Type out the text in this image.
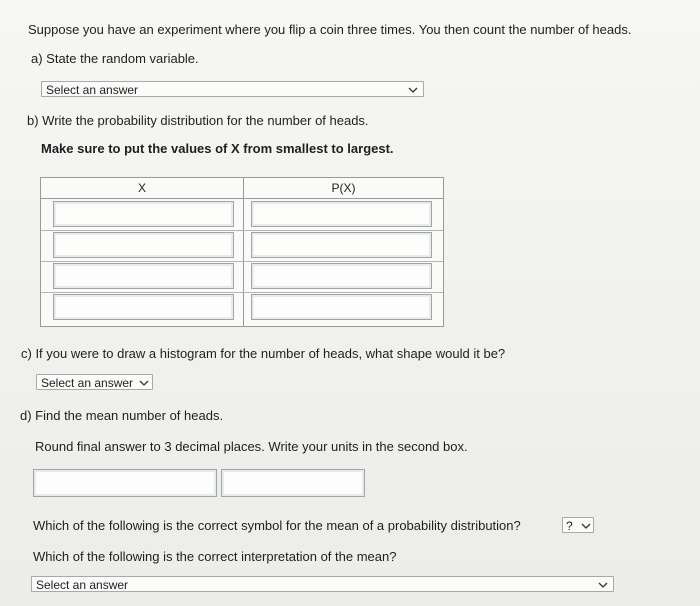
Suppose you have an experiment where you flip a coin three times. You then count the number of heads.
a) State the random variable.
Select an answer
b) Write the probability distribution for the number of heads.
Make sure to put the values of X from smallest to largest.
X	P(X)
c) If you were to draw a histogram for the number of heads, what shape would it be?
Select an answer
d) Find the mean number of heads.
Round final answer to 3 decimal places. Write your units in the second box.
Which of the following is the correct symbol for the mean of a probability distribution?	?
Which of the following is the correct interpretation of the mean?
Select an answer
